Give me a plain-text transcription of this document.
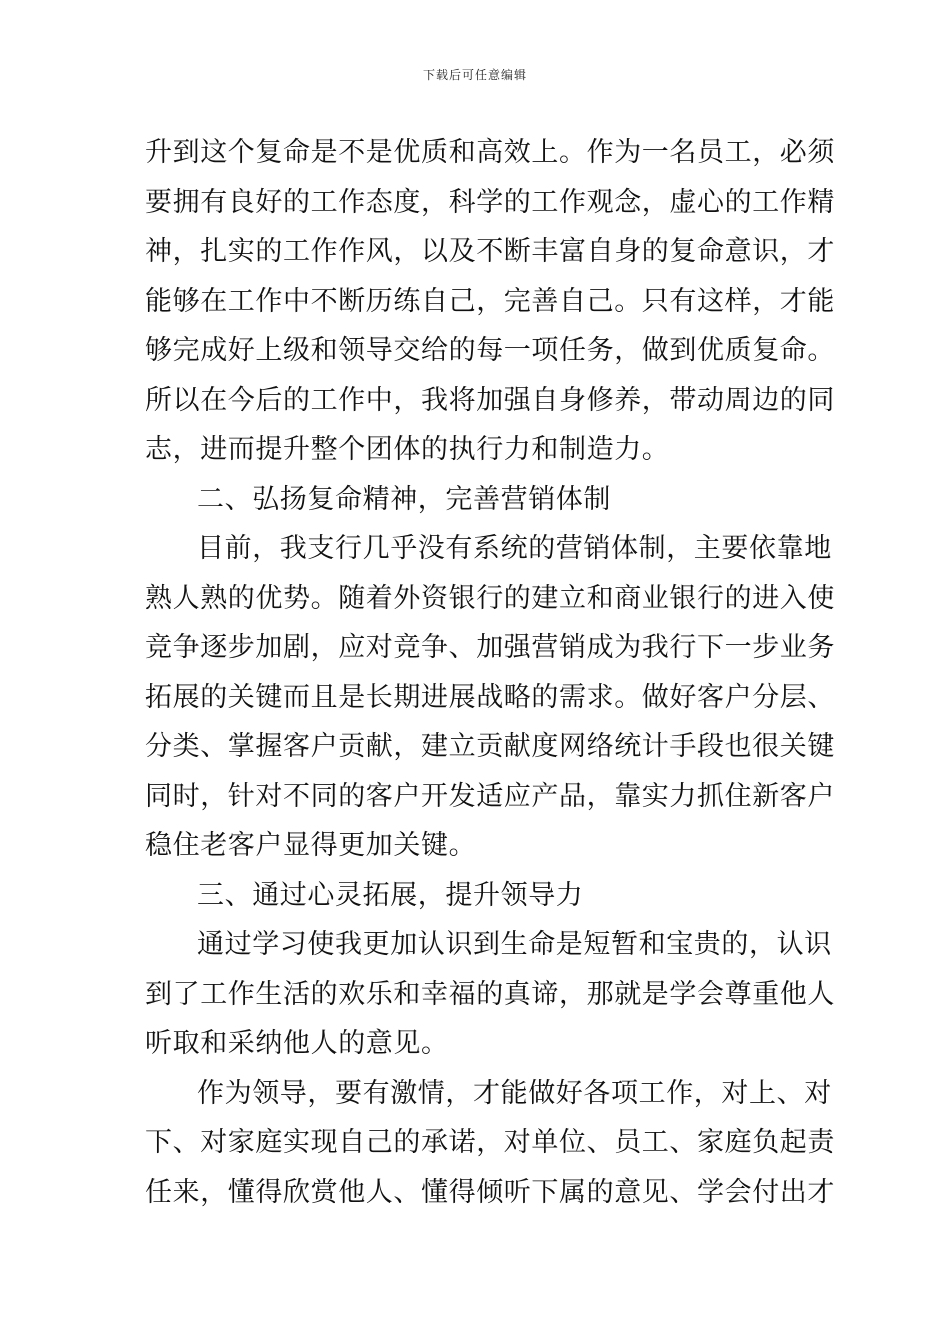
下载后可任意编辑
升到这个复命是不是优质和高效上。作为一名员工，必须
要拥有良好的工作态度，科学的工作观念，虚心的工作精
神，扎实的工作作风，以及不断丰富自身的复命意识，才
能够在工作中不断历练自己，完善自己。只有这样，才能
够完成好上级和领导交给的每一项任务，做到优质复命。
所以在今后的工作中，我将加强自身修养，带动周边的同
志，进而提升整个团体的执行力和制造力。
二、弘扬复命精神，完善营销体制
目前，我支行几乎没有系统的营销体制，主要依靠地
熟人熟的优势。随着外资银行的建立和商业银行的进入使
竞争逐步加剧，应对竞争、加强营销成为我行下一步业务
拓展的关键而且是长期进展战略的需求。做好客户分层、
分类、掌握客户贡献，建立贡献度网络统计手段也很关键
同时，针对不同的客户开发适应产品，靠实力抓住新客户
稳住老客户显得更加关键。
三、通过心灵拓展，提升领导力
通过学习使我更加认识到生命是短暂和宝贵的，认识
到了工作生活的欢乐和幸福的真谛，那就是学会尊重他人
听取和采纳他人的意见。
作为领导，要有激情，才能做好各项工作，对上、对
下、对家庭实现自己的承诺，对单位、员工、家庭负起责
任来，懂得欣赏他人、懂得倾听下属的意见、学会付出才
